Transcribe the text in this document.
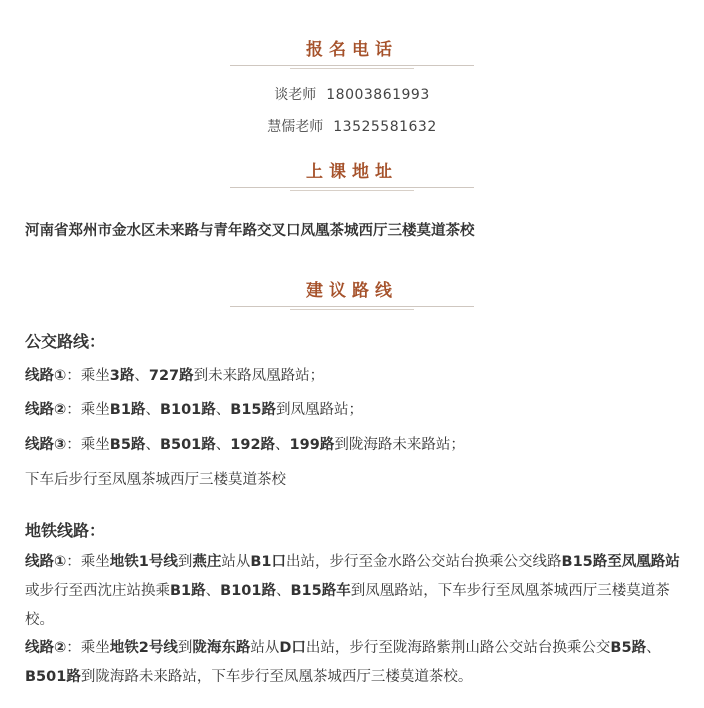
报名电话
谈老师 18003861993
慧儒老师 13525581632
上课地址
河南省郑州市金水区未来路与青年路交叉口凤凰茶城西厅三楼莫道茶校
建议路线
公交路线：
线路①：乘坐3路、727路到未来路凤凰路站；
线路②：乘坐B1路、B101路、B15路到凤凰路站；
线路③：乘坐B5路、B501路、192路、199路到陇海路未来路站；
下车后步行至凤凰茶城西厅三楼莫道茶校
地铁线路：
线路①：乘坐地铁1号线到燕庄站从B1口出站，步行至金水路公交站台换乘公交线路B15路至凤凰路站或步行至西沈庄站换乘B1路、B101路、B15路车到凤凰路站，下车步行至凤凰茶城西厅三楼莫道茶校。
线路②：乘坐地铁2号线到陇海东路站从D口出站，步行至陇海路紫荆山路公交站台换乘公交B5路、B501路到陇海路未来路站，下车步行至凤凰茶城西厅三楼莫道茶校。
